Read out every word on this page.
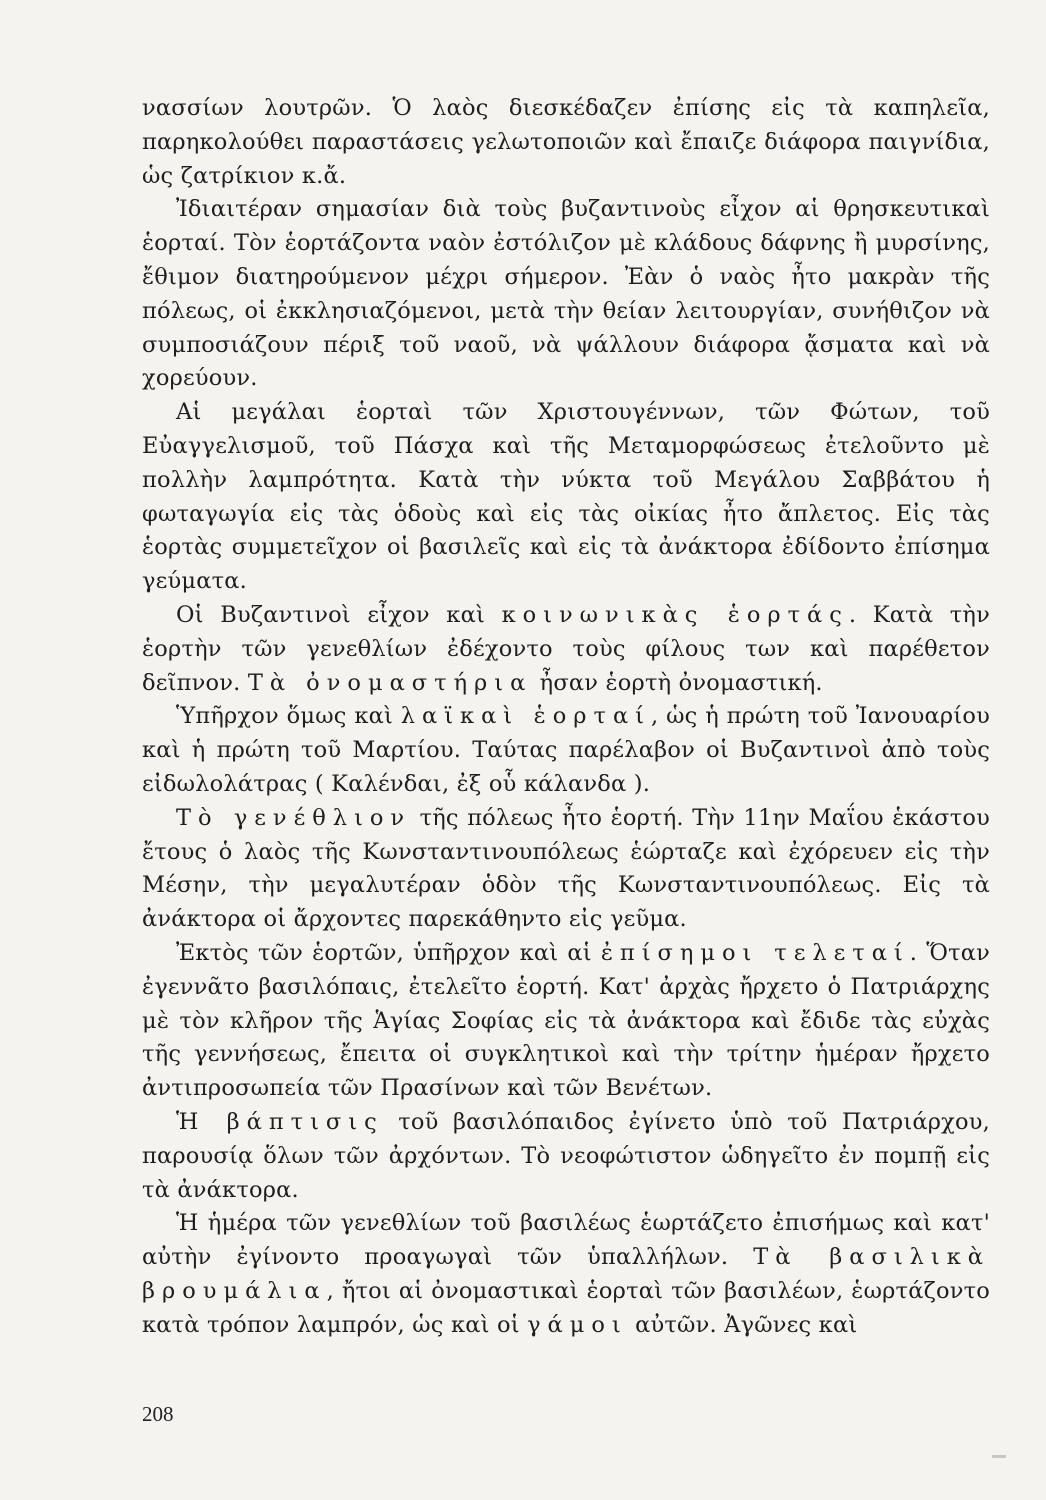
νασσίων λουτρῶν. Ὁ λαὸς διεσκέδαζεν ἐπίσης εἰς τὰ καπηλεῖα, παρηκολούθει παραστάσεις γελωτοποιῶν καὶ ἔπαιζε διάφορα παιγνίδια, ὡς ζατρίκιον κ.ἄ.

Ἰδιαιτέραν σημασίαν διὰ τοὺς βυζαντινοὺς εἶχον αἱ θρησκευτικαὶ ἑορταί. Τὸν ἑορτάζοντα ναὸν ἐστόλιζον μὲ κλάδους δάφνης ἢ μυρσίνης, ἔθιμον διατηρούμενον μέχρι σήμερον. Ἐὰν ὁ ναὸς ἦτο μακρὰν τῆς πόλεως, οἱ ἐκκλησιαζόμενοι, μετὰ τὴν θείαν λειτουργίαν, συνήθιζον νὰ συμποσιάζουν πέριξ τοῦ ναοῦ, νὰ ψάλλουν διάφορα ᾄσματα καὶ νὰ χορεύουν.

Αἱ μεγάλαι ἑορταὶ τῶν Χριστουγέννων, τῶν Φώτων, τοῦ Εὐαγγελισμοῦ, τοῦ Πάσχα καὶ τῆς Μεταμορφώσεως ἐτελοῦντο μὲ πολλὴν λαμπρότητα. Κατὰ τὴν νύκτα τοῦ Μεγάλου Σαββάτου ἡ φωταγωγία εἰς τὰς ὁδοὺς καὶ εἰς τὰς οἰκίας ἦτο ἄπλετος. Εἰς τὰς ἑορτὰς συμμετεῖχον οἱ βασιλεῖς καὶ εἰς τὰ ἀνάκτορα ἐδίδοντο ἐπίσημα γεύματα.

Οἱ Βυζαντινοὶ εἶχον καὶ κοινωνικὰς ἑορτάς. Κατὰ τὴν ἑορτὴν τῶν γενεθλίων ἐδέχοντο τοὺς φίλους των καὶ παρέθετον δεῖπνον. Τὰ ὀνομαστήρια ἦσαν ἑορτὴ ὀνομαστική.

Ὑπῆρχον ὅμως καὶ λαϊκαὶ ἑορταί, ὡς ἡ πρώτη τοῦ Ἰανουαρίου καὶ ἡ πρώτη τοῦ Μαρτίου. Ταύτας παρέλαβον οἱ Βυζαντινοὶ ἀπὸ τοὺς εἰδωλολάτρας ( Καλένδαι, ἐξ οὗ κάλανδα ).

Τὸ γενέθλιον τῆς πόλεως ἦτο ἑορτή. Τὴν 11ην Μαΐου ἑκάστου ἔτους ὁ λαὸς τῆς Κωνσταντινουπόλεως ἑώρταζε καὶ ἐχόρευεν εἰς τὴν Μέσην, τὴν μεγαλυτέραν ὁδὸν τῆς Κωνσταντινουπόλεως. Εἰς τὰ ἀνάκτορα οἱ ἄρχοντες παρεκάθηντο εἰς γεῦμα.

Ἐκτὸς τῶν ἑορτῶν, ὑπῆρχον καὶ αἱ ἐπίσημοι τελεταί. Ὅταν ἐγεννᾶτο βασιλόπαις, ἐτελεῖτο ἑορτή. Κατ' ἀρχὰς ἤρχετο ὁ Πατριάρχης μὲ τὸν κλῆρον τῆς Ἁγίας Σοφίας εἰς τὰ ἀνάκτορα καὶ ἔδιδε τὰς εὐχὰς τῆς γεννήσεως, ἔπειτα οἱ συγκλητικοὶ καὶ τὴν τρίτην ἡμέραν ἤρχετο ἀντιπροσωπεία τῶν Πρασίνων καὶ τῶν Βενέτων.

Ἡ βάπτισις τοῦ βασιλόπαιδος ἐγίνετο ὑπὸ τοῦ Πατριάρχου, παρουσίᾳ ὅλων τῶν ἀρχόντων. Τὸ νεοφώτιστον ὡδηγεῖτο ἐν πομπῇ εἰς τὰ ἀνάκτορα.

Ἡ ἡμέρα τῶν γενεθλίων τοῦ βασιλέως ἑωρτάζετο ἐπισήμως καὶ κατ' αὐτὴν ἐγίνοντο προαγωγαὶ τῶν ὑπαλλήλων. Τὰ βασιλικὰ βρουμάλια, ἤτοι αἱ ὀνομαστικαὶ ἑορταὶ τῶν βασιλέων, ἑωρτάζοντο κατὰ τρόπον λαμπρόν, ὡς καὶ οἱ γάμοι αὐτῶν. Ἀγῶνες καὶ

208
